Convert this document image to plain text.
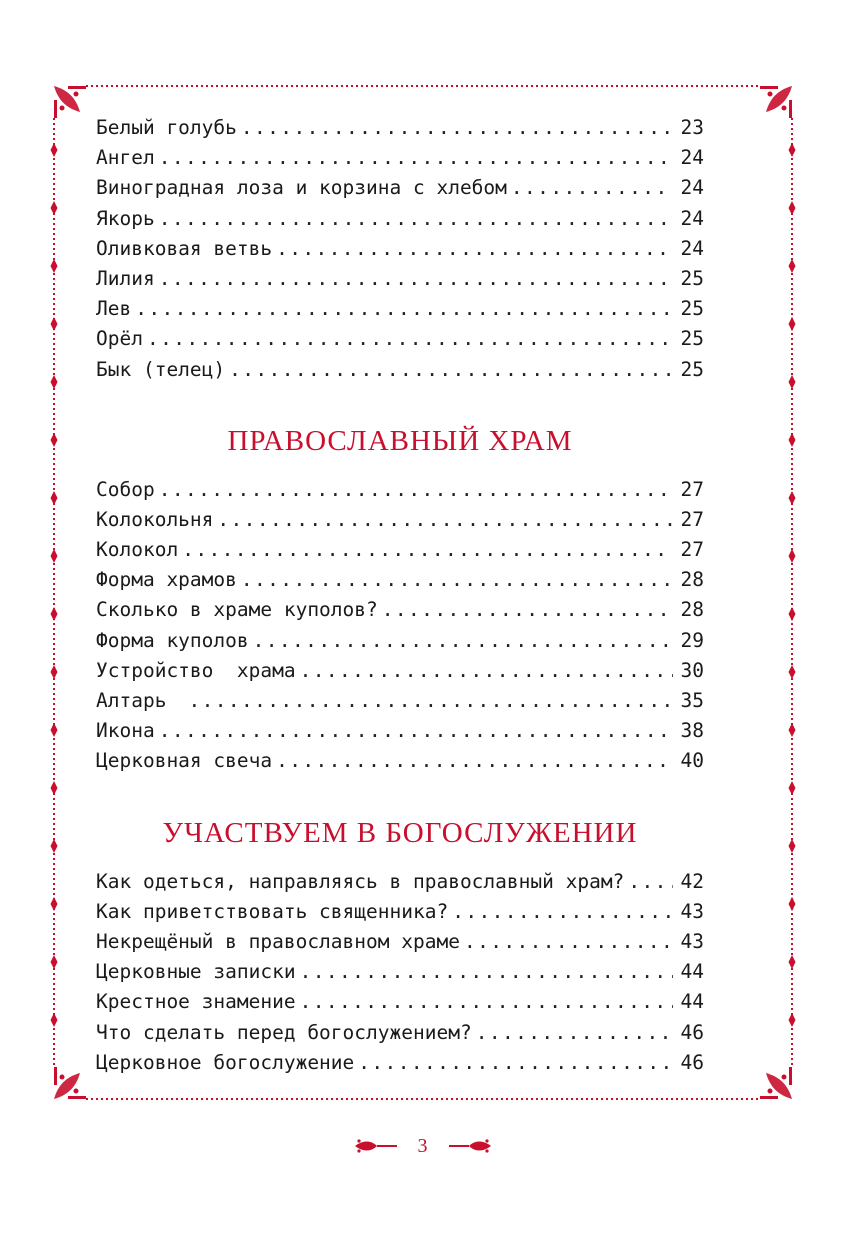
Белый голубь .....	23
Ангел .....	24
Виноградная лоза и корзина с хлебом .....	24
Якорь .....	24
Оливковая ветвь .....	24
Лилия .....	25
Лев .....	25
Орёл .....	25
Бык (телец) .....	25
ПРАВОСЛАВНЫЙ ХРАМ
Собор .....	27
Колокольня .....	27
Колокол .....	27
Форма храмов .....	28
Сколько в храме куполов? .....	28
Форма куполов .....	29
Устройство  храма .....	30
Алтарь .....	35
Икона .....	38
Церковная свеча .....	40
УЧАСТВУЕМ В БОГОСЛУЖЕНИИ
Как одеться, направляясь в православный храм? .....	42
Как приветствовать священника? .....	43
Некрещёный в православном храме .....	43
Церковные записки .....	44
Крестное знамение .....	44
Что сделать перед богослужением? .....	46
Церковное богослужение .....	46
3
